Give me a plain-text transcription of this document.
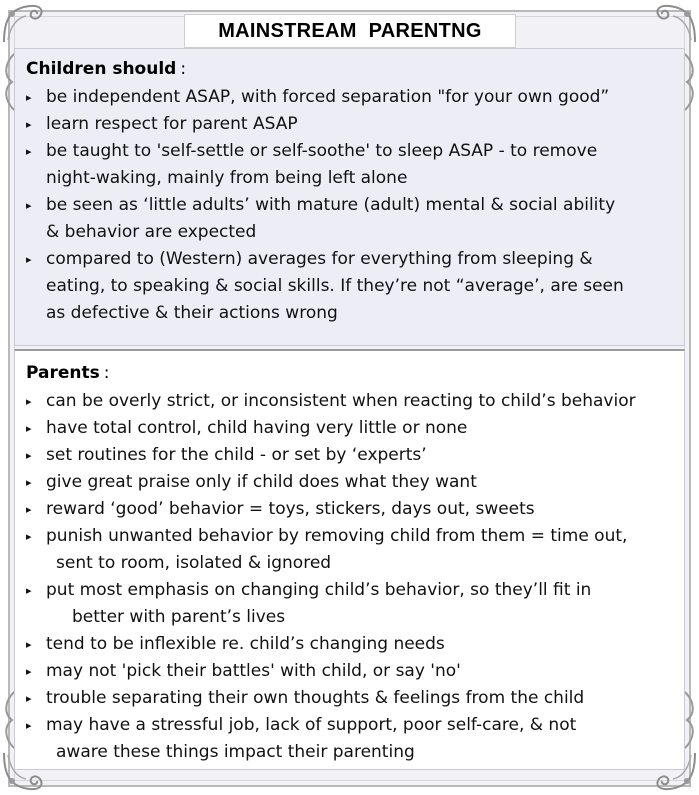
MAINSTREAM PARENTNG
Children should :
▸ be independent ASAP, with forced separation "for your own good”
▸ learn respect for parent ASAP
▸ be taught to 'self-settle or self-soothe' to sleep ASAP - to remove
night-waking, mainly from being left alone
▸ be seen as ‘little adults’ with mature (adult) mental & social ability
& behavior are expected
▸ compared to (Western) averages for everything from sleeping &
eating, to speaking & social skills. If they’re not “average’, are seen
as defective & their actions wrong
Parents :
▸ can be overly strict, or inconsistent when reacting to child’s behavior
▸ have total control, child having very little or none
▸ set routines for the child - or set by ‘experts’
▸ give great praise only if child does what they want
▸ reward ‘good’ behavior = toys, stickers, days out, sweets
▸ punish unwanted behavior by removing child from them = time out,
sent to room, isolated & ignored
▸ put most emphasis on changing child’s behavior, so they’ll fit in
better with parent’s lives
▸ tend to be inflexible re. child’s changing needs
▸ may not 'pick their battles' with child, or say 'no'
▸ trouble separating their own thoughts & feelings from the child
▸ may have a stressful job, lack of support, poor self-care, & not
aware these things impact their parenting
